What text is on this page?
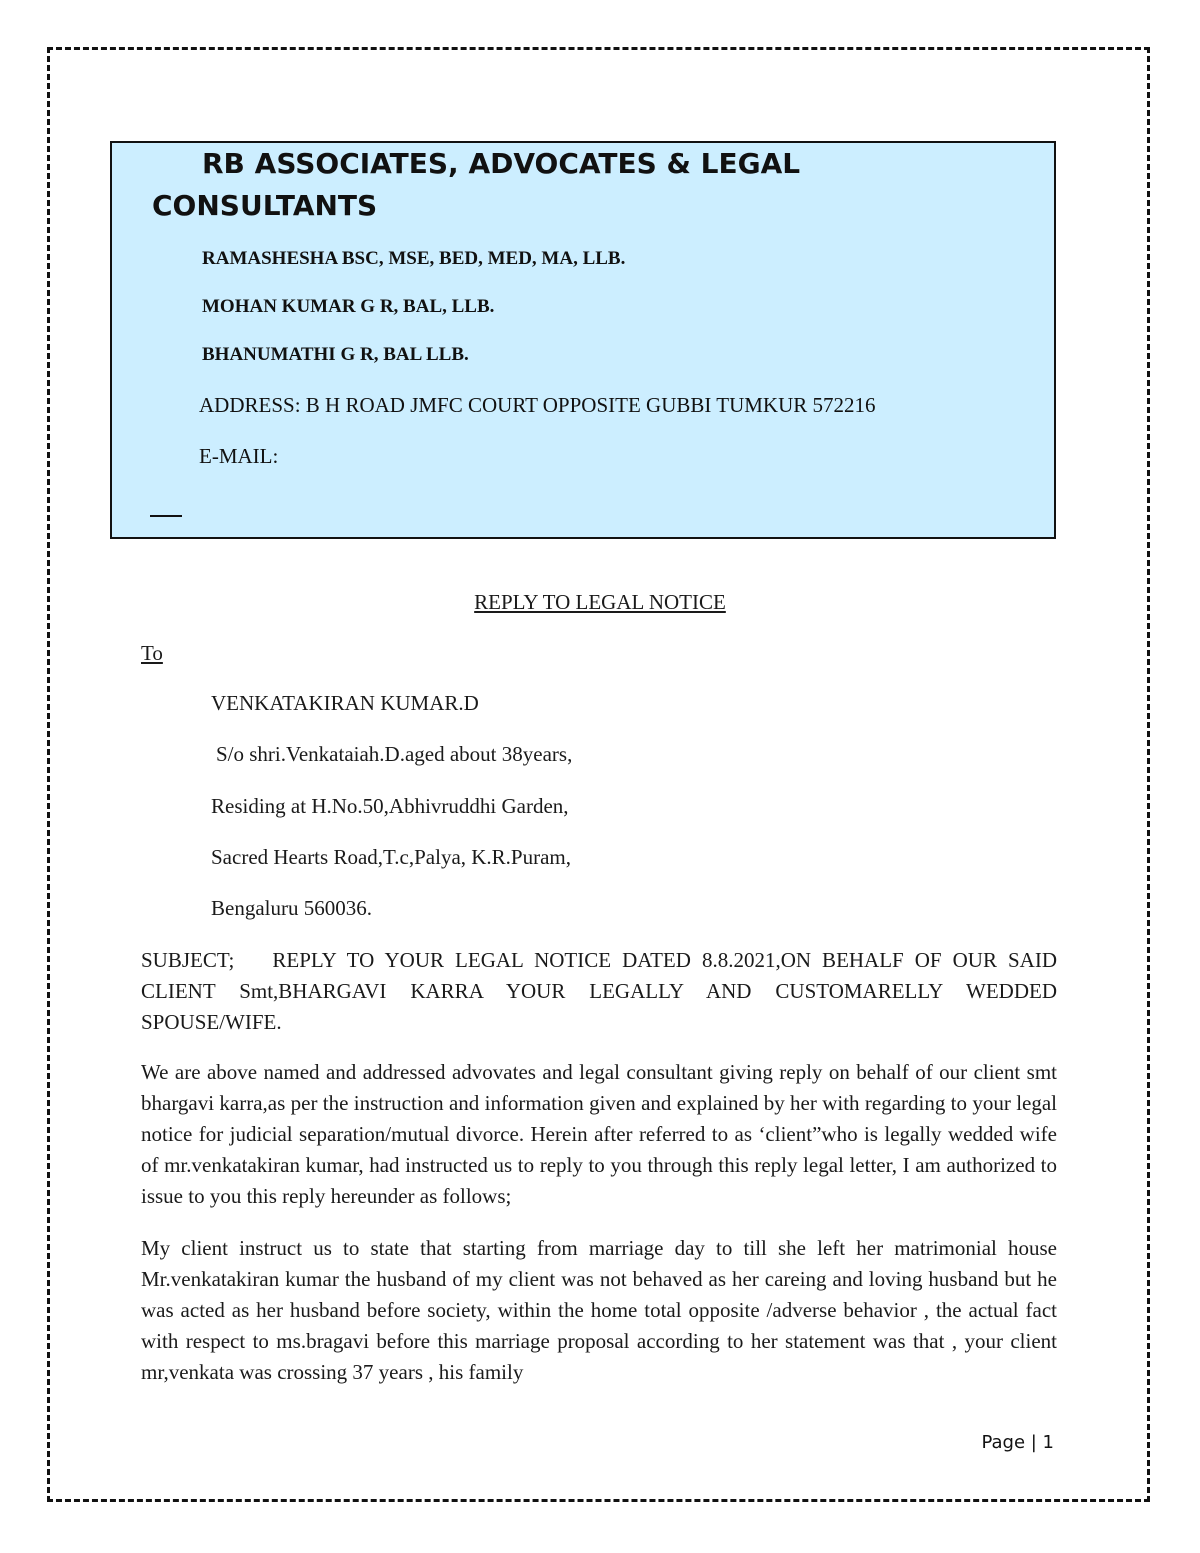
RB ASSOCIATES, ADVOCATES & LEGAL CONSULTANTS

RAMASHESHA BSC, MSE, BED, MED, MA, LLB.

MOHAN KUMAR G R, BAL, LLB.

BHANUMATHI G R, BAL LLB.

ADDRESS: B H ROAD JMFC COURT OPPOSITE GUBBI TUMKUR 572216

E-MAIL:

REPLY TO LEGAL NOTICE

To

VENKATAKIRAN KUMAR.D

S/o shri.Venkataiah.D.aged about 38years,

Residing at H.No.50,Abhivruddhi Garden,

Sacred Hearts Road,T.c,Palya, K.R.Puram,

Bengaluru 560036.

SUBJECT; REPLY TO YOUR LEGAL NOTICE DATED 8.8.2021,ON BEHALF OF OUR SAID CLIENT Smt,BHARGAVI KARRA YOUR LEGALLY AND CUSTOMARELLY WEDDED SPOUSE/WIFE.

We are above named and addressed advovates and legal consultant giving reply on behalf of our client smt bhargavi karra,as per the instruction and information given and explained by her with regarding to your legal notice for judicial separation/mutual divorce. Herein after referred to as ‘client”who is legally wedded wife of mr.venkatakiran kumar, had instructed us to reply to you through this reply legal letter, I am authorized to issue to you this reply hereunder as follows;

My client instruct us to state that starting from marriage day to till she left her matrimonial house Mr.venkatakiran kumar the husband of my client was not behaved as her careing and loving husband but he was acted as her husband before society, within the home total opposite /adverse behavior , the actual fact with respect to ms.bragavi before this marriage proposal according to her statement was that , your client mr,venkata was crossing 37 years , his family

Page | 1
